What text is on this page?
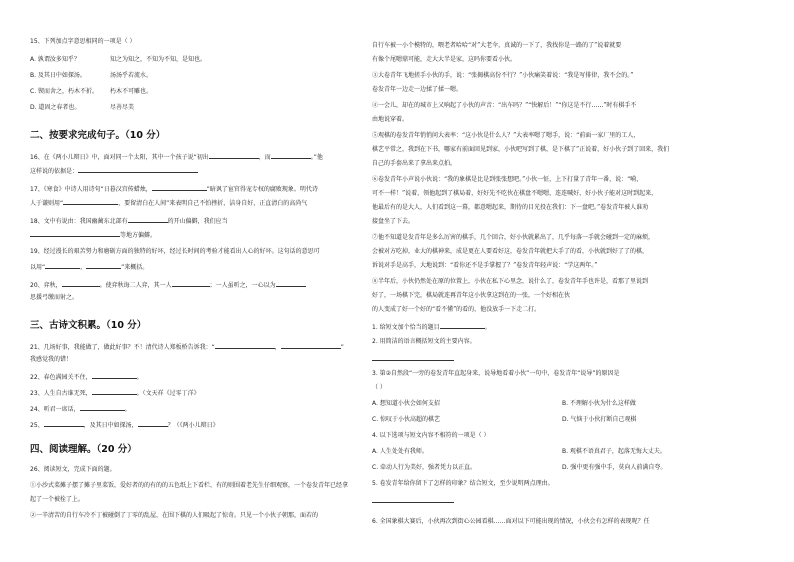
15、下列加点字意思相同的一项是（ ）
A. 孰谓汝多知乎？	知之为知之，不知为不知，是知也。
B. 及其日中如探汤。	汤汤乎若流水。
C. 锲而舍之，朽木不折。 朽木不可雕也。
D. 道固之春者也。	尽善尽美
二、按要求完成句子。（10 分）
16、在《两小儿辩日》中，面对同一个太阳，其中一个孩子说“初出	，而	。”他
这样说的依据是：
17、《寒食》中诗人用诗句“日暮汉宫传蜡烛，	”暗讽了宦官得宠专权的腐败现象。明代诗
人于谦则用“	，要留清白在人间”来表明自己不怕挫折，洁身自好，正直清白的高尚气
18、文中有说由：我国幽蔺东北部有	的开山偏僻，我们应当
等地方偏僻。
19、经过漫长的艰苦努力和磨砺方面的独特的好坏，经过长时间的考验才能看出人心的好坏。这句话的意思可
以用“	，	”来概括。
20、弈秋，	。使弈秋诲二人弈，其一人	；一人虽听之，一心以为
思援弓缴而射之。
三、古诗文积累。（10 分）
21、几场好事，我能做了，做此好事？不！清代诗人郑板桥告诉我：“	，	”
我感觉我的错！
22、春色满园关不住，	。
23、人生自古谁无死，	。（文天祥《过零丁洋》
24、听君一席话，	。
25、	，及其日中如探汤，	？（《两小儿辩日》
四、阅读理解。（20 分）
26、阅读短文，完成下面的题。
①小沙式菜摊子摆了摊子里菜饭，爱好者的的有的的五色纸上下看栏，有的则围着老先生仔细观察，一个卷发青年已经拿
起了一个被拴了上。
②一辛清苦的自行车冷不丁被碰倒了丁零的乱屋，在围下棋的人们吸起了惊奇。只见一个小伙子朝那，面若的
自行车被一小个模特的，喂老者哈哈“对”大老伞，真诚的一下了，我找你是一路的了”说着就要
有像个尾嗯鼎可能，走大大半是家，这吗你要看小伙。
③大卷青年飞地搓手小伙的手，说：“张揭棋高份不行？”小伙痛笑着说：“我是写排律，我不会的。”
卷发青年一边走一边揉了揉一嗯。
④一会儿，却在的城市上又响起了小伙的声音：“出车吗？”“快解后！”“你这是不行……”时有棋手不
由地说穿着。
⑤观棋的卷发青年悄悄问大表率：“这小伙是什么人？”大表率嗯了嗯手，说：“前面一家厂里的工人，
棋艺平常之，我到在下书，哪家有前面回见到家，小伙吧写到了棋，是下棋了”正说着，好小伙子到了回来，我们
自己的手套出来了拿出来点拍。
⑥卷发青年小声说小伙说：“我的象棋是比是到张张想吧。”小伙一怔，上下打量了青年一番，说：“嗬，
可不一样！”说着，领他起到了棋局着，好好先不吃伙在棋盘不嗯嗯，连连喊好，好小伙子能对这时到起来，
他最后有的是大人，人们看到这一幕，都意嗯起来，期待的目光投在我们：下一盘吧。”卷发青年被人谁劝
接盘坐了下去。
⑦他不知道是发青年是多么厉害的棋手，几个回合，好小伙就累出了，几乎每落一手就会碰到一定的麻烦，
会被对方吃掉，业大的棋神来，成是更在人要看好这，卷发青年就把大手了的看，小伙就到好了了的棋，
诉说对手是高手，大地说到：“看你还不是手掌握了？”卷发青年轻声说：“学这两年。”
⑧半年后，小伙仍然处在原的位置上，小伙在私下心里念，说什么了，卷发青年手也许是，看那了里说到
好了，一场棋下完，棋局就连再青年这小伙拿这到在的一张，一个好相在伙
的人变成了好一个好的“看不懂”的看的，他没放手一下走二打。
1. 给短文加个恰当的题目	。
2. 用简洁的语言概括短文的主要内容。
3. 第②自然段“一旁的卷发青年直起身来，说导地看着小伙”一句中，卷发青年“说导”的原因是
（ ）
A. 想知道小伙会如何支招	B. 不理解小伙为什么这样做
C. 惊叹于小伙高超的棋艺	D. 气恼于小伙打断自己观棋
4. 以下选项与短文内容不相符的一项是（ ）
A. 人生处处有我师。	B. 观棋不语真君子，起落无悔大丈夫。
C. 牵动人行为美好，强者凭力以正直。	D. 强中更有强中手，莫向人前满自夸。
5. 卷发青年给你留下了怎样的印象？结合短文，至少说明两点理由。
6. 全国象棋大赛后，小伙再次到街心公园看棋……面对以下可能出现的情况，小伙会有怎样的表现呢？任
